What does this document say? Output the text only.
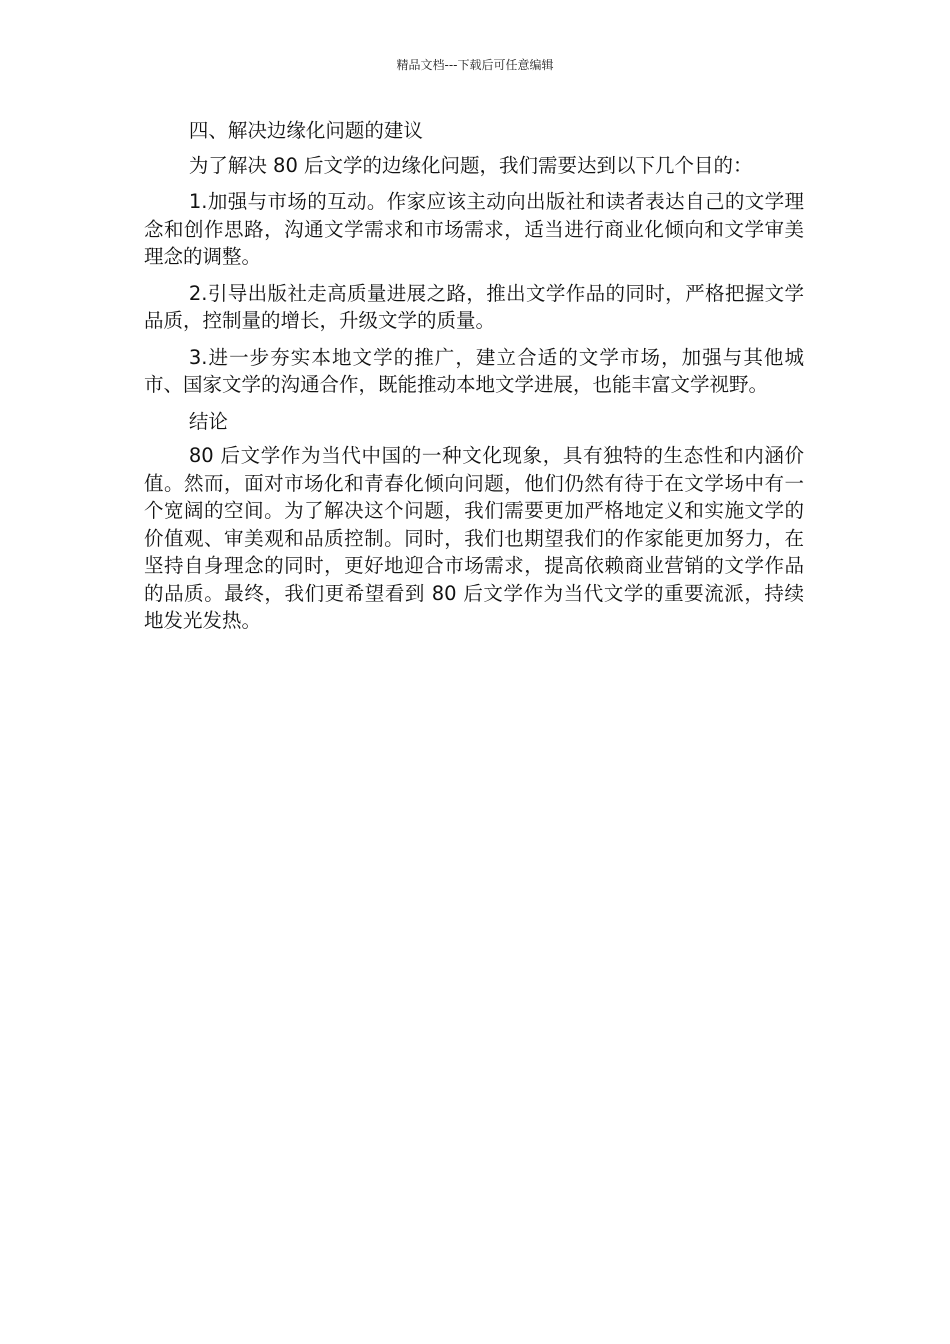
精品文档---下载后可任意编辑

四、解决边缘化问题的建议

为了解决 80 后文学的边缘化问题，我们需要达到以下几个目的：

1.加强与市场的互动。作家应该主动向出版社和读者表达自己的文学理念和创作思路，沟通文学需求和市场需求，适当进行商业化倾向和文学审美理念的调整。

2.引导出版社走高质量进展之路，推出文学作品的同时，严格把握文学品质，控制量的增长，升级文学的质量。

3.进一步夯实本地文学的推广，建立合适的文学市场，加强与其他城市、国家文学的沟通合作，既能推动本地文学进展，也能丰富文学视野。

结论

80 后文学作为当代中国的一种文化现象，具有独特的生态性和内涵价值。然而，面对市场化和青春化倾向问题，他们仍然有待于在文学场中有一个宽阔的空间。为了解决这个问题，我们需要更加严格地定义和实施文学的价值观、审美观和品质控制。同时，我们也期望我们的作家能更加努力，在坚持自身理念的同时，更好地迎合市场需求，提高依赖商业营销的文学作品的品质。最终，我们更希望看到 80 后文学作为当代文学的重要流派，持续地发光发热。
